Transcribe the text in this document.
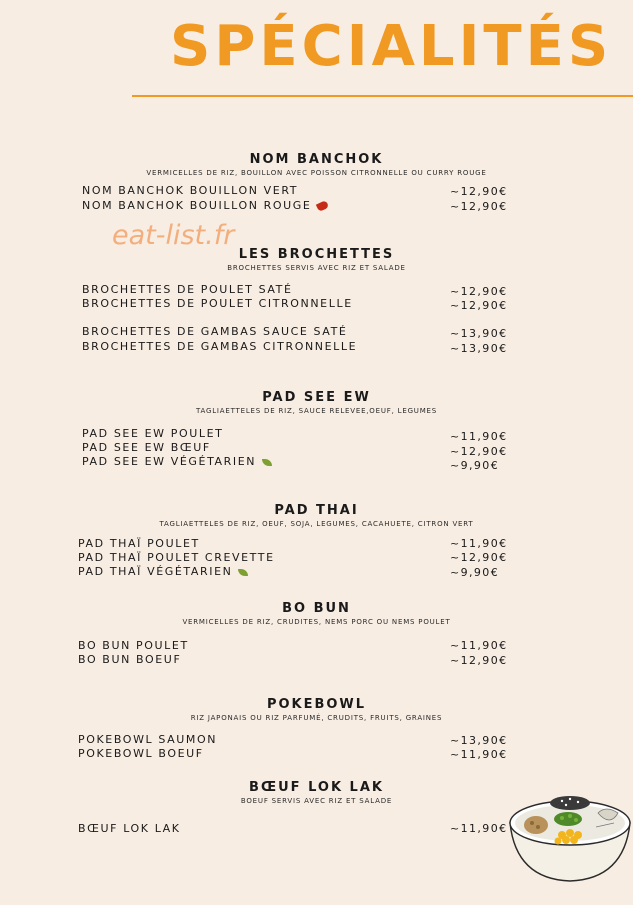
SPÉCIALITÉS
eat-list.fr
NOM BANCHOK
VERMICELLES DE RIZ, BOUILLON AVEC POISSON CITRONNELLE OU CURRY ROUGE
NOM BANCHOK BOUILLON VERT	~12,90€
NOM BANCHOK BOUILLON ROUGE	~12,90€
LES BROCHETTES
BROCHETTES SERVIS AVEC RIZ ET SALADE
BROCHETTES DE POULET SATÉ	~12,90€
BROCHETTES DE POULET CITRONNELLE	~12,90€
BROCHETTES DE GAMBAS SAUCE SATÉ	~13,90€
BROCHETTES DE GAMBAS CITRONNELLE	~13,90€
PAD SEE EW
TAGLIAETTELES DE RIZ, SAUCE RELEVEE,OEUF, LEGUMES
PAD SEE EW POULET	~11,90€
PAD SEE EW BŒUF	~12,90€
PAD SEE EW VÉGÉTARIEN	~9,90€
PAD THAI
TAGLIAETTELES DE RIZ, OEUF, SOJA, LEGUMES, CACAHUETE, CITRON VERT
PAD THAÏ POULET	~11,90€
PAD THAÏ POULET CREVETTE	~12,90€
PAD THAÏ VÉGÉTARIEN	~9,90€
BO BUN
VERMICELLES DE RIZ, CRUDITES, NEMS PORC OU NEMS POULET
BO BUN POULET	~11,90€
BO BUN BOEUF	~12,90€
POKEBOWL
RIZ JAPONAIS OU RIZ PARFUMÉ, CRUDITS, FRUITS, GRAINES
POKEBOWL SAUMON	~13,90€
POKEBOWL BOEUF	~11,90€
BŒUF LOK LAK
BOEUF SERVIS AVEC RIZ ET SALADE
BŒUF LOK LAK	~11,90€
